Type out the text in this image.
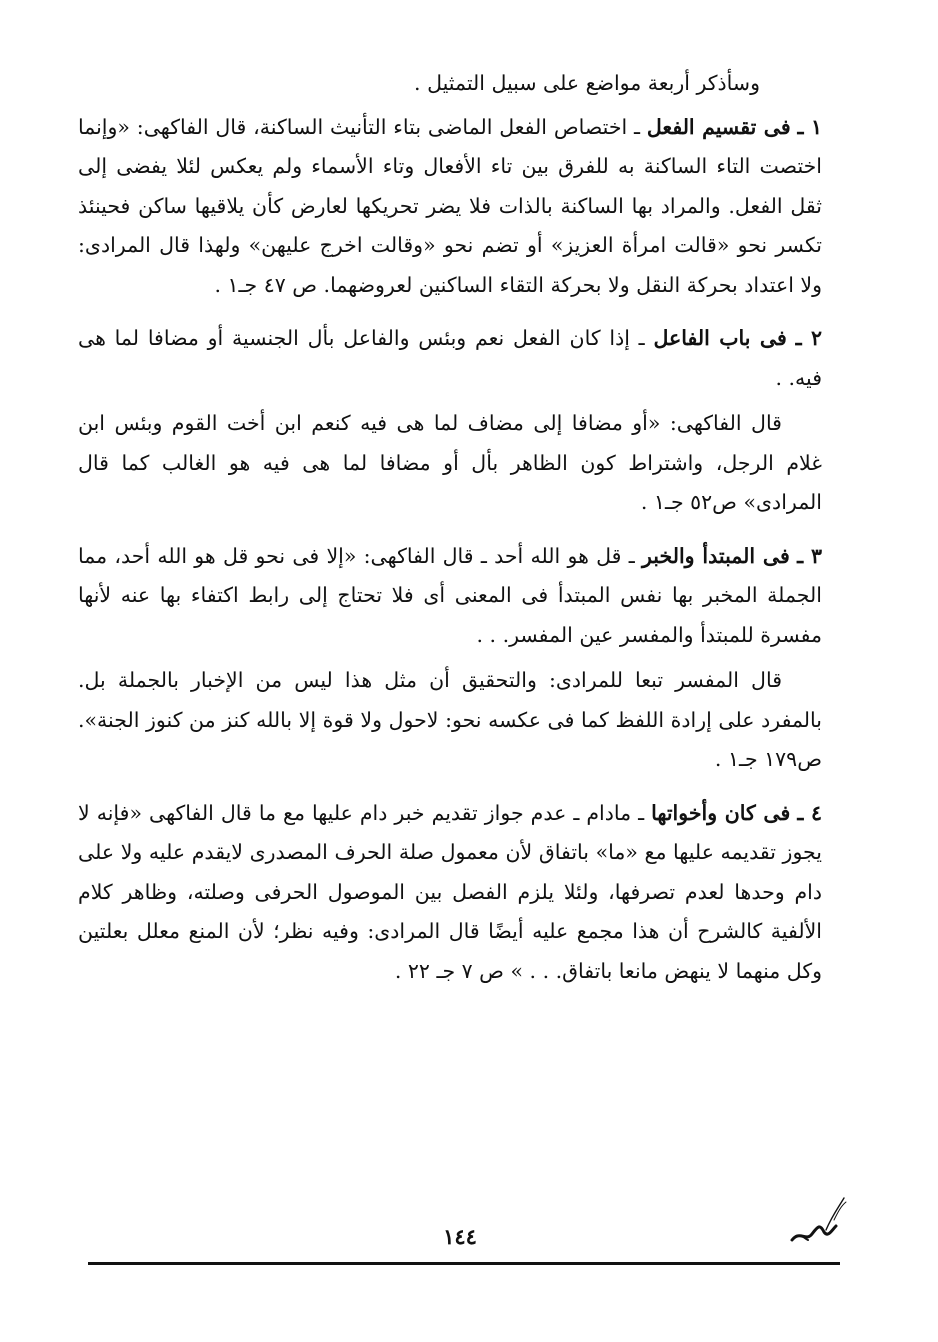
وسأذكر أربعة مواضع على سبيل التمثيل .

١ ـ فى تقسيم الفعل ـ اختصاص الفعل الماضى بتاء التأنيث الساكنة، قال الفاكهى: «وإنما اختصت التاء الساكنة به للفرق بين تاء الأفعال وتاء الأسماء ولم يعكس لئلا يفضى إلى ثقل الفعل. والمراد بها الساكنة بالذات فلا يضر تحريكها لعارض كأن يلاقيها ساكن فحينئذ تكسر نحو «قالت امرأة العزيز» أو تضم نحو «وقالت اخرج عليهن» ولهذا قال المرادى: ولا اعتداد بحركة النقل ولا بحركة التقاء الساكنين لعروضهما. ص ٤٧ جـ١ .

٢ ـ فى باب الفاعل ـ إذا كان الفعل نعم وبئس والفاعل بأل الجنسية أو مضافا لما هى فيه. .

قال الفاكهى: «أو مضافا إلى مضاف لما هى فيه كنعم ابن أخت القوم وبئس ابن غلام الرجل، واشتراط كون الظاهر بأل أو مضافا لما هى فيه هو الغالب كما قال المرادى» ص٥٢ جـ١ .

٣ ـ فى المبتدأ والخبر ـ قل هو الله أحد ـ قال الفاكهى: «إلا فى نحو قل هو الله أحد، مما الجملة المخبر بها نفس المبتدأ فى المعنى أى فلا تحتاج إلى رابط اكتفاء بها عنه لأنها مفسرة للمبتدأ والمفسر عين المفسر. . .

قال المفسر تبعا للمرادى: والتحقيق أن مثل هذا ليس من الإخبار بالجملة بل. بالمفرد على إرادة اللفظ كما فى عكسه نحو: لاحول ولا قوة إلا بالله كنز من كنوز الجنة». ص١٧٩ جـ١ .

٤ ـ فى كان وأخواتها ـ مادام ـ عدم جواز تقديم خبر دام عليها مع ما قال الفاكهى «فإنه لا يجوز تقديمه عليها مع «ما» باتفاق لأن معمول صلة الحرف المصدرى لايقدم عليه ولا على دام وحدها لعدم تصرفها، ولئلا يلزم الفصل بين الموصول الحرفى وصلته، وظاهر كلام الألفية كالشرح أن هذا مجمع عليه أيضًا قال المرادى: وفيه نظر؛ لأن المنع معلل بعلتين وكل منهما لا ينهض مانعا باتفاق. . . » ص ٧ جـ ٢٢ .

١٤٤
